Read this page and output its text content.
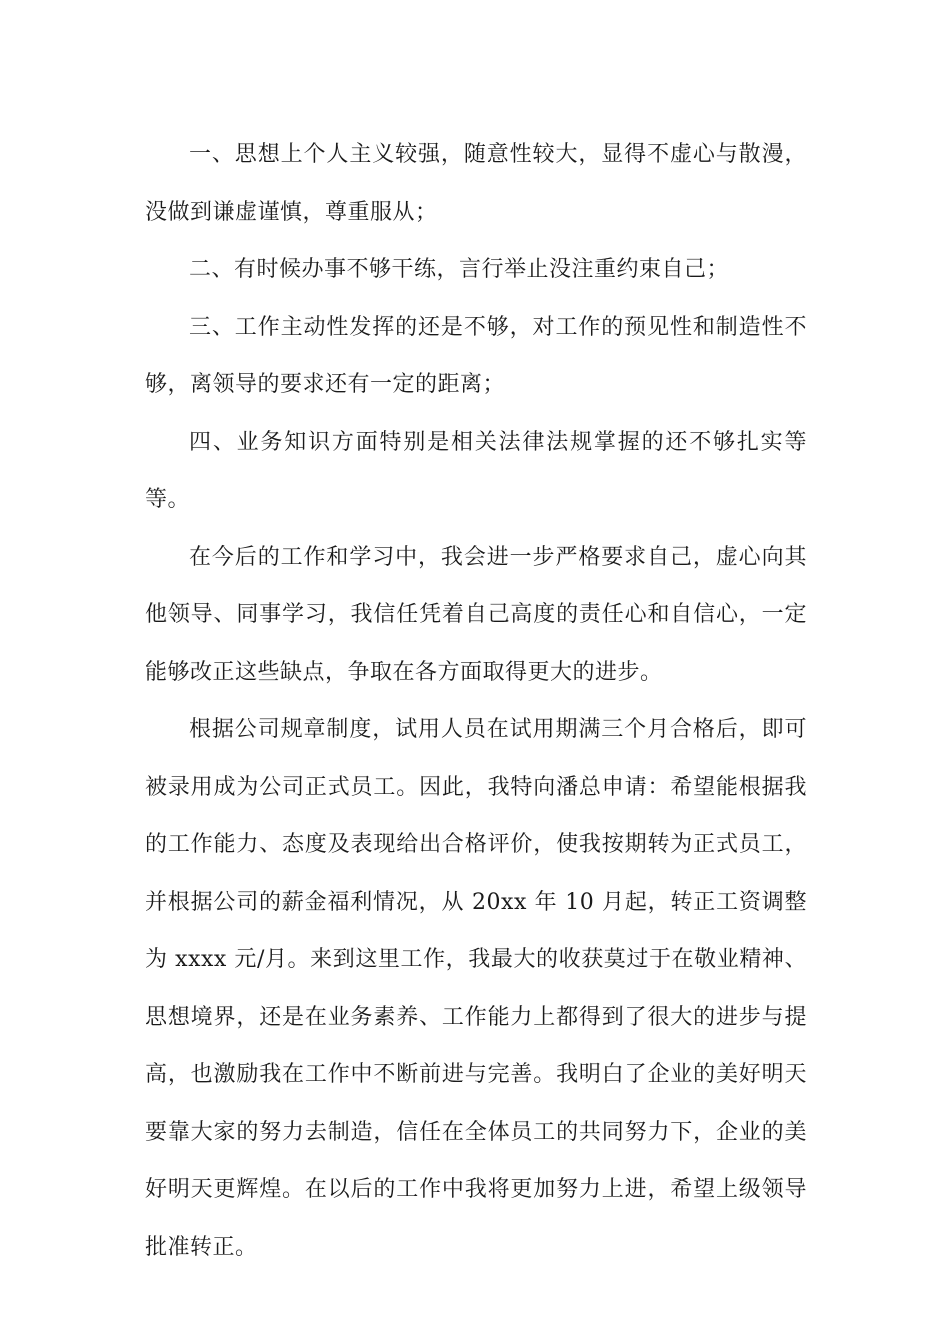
一、思想上个人主义较强，随意性较大，显得不虚心与散漫，没做到谦虚谨慎，尊重服从；

二、有时候办事不够干练，言行举止没注重约束自己；

三、工作主动性发挥的还是不够，对工作的预见性和制造性不够，离领导的要求还有一定的距离；

四、业务知识方面特别是相关法律法规掌握的还不够扎实等等。

在今后的工作和学习中，我会进一步严格要求自己，虚心向其他领导、同事学习，我信任凭着自己高度的责任心和自信心，一定能够改正这些缺点，争取在各方面取得更大的进步。

根据公司规章制度，试用人员在试用期满三个月合格后，即可被录用成为公司正式员工。因此，我特向潘总申请：希望能根据我的工作能力、态度及表现给出合格评价，使我按期转为正式员工，并根据公司的薪金福利情况，从 20xx 年 10 月起，转正工资调整为 xxxx 元/月。来到这里工作，我最大的收获莫过于在敬业精神、思想境界，还是在业务素养、工作能力上都得到了很大的进步与提高，也激励我在工作中不断前进与完善。我明白了企业的美好明天要靠大家的努力去制造，信任在全体员工的共同努力下，企业的美好明天更辉煌。在以后的工作中我将更加努力上进，希望上级领导批准转正。
